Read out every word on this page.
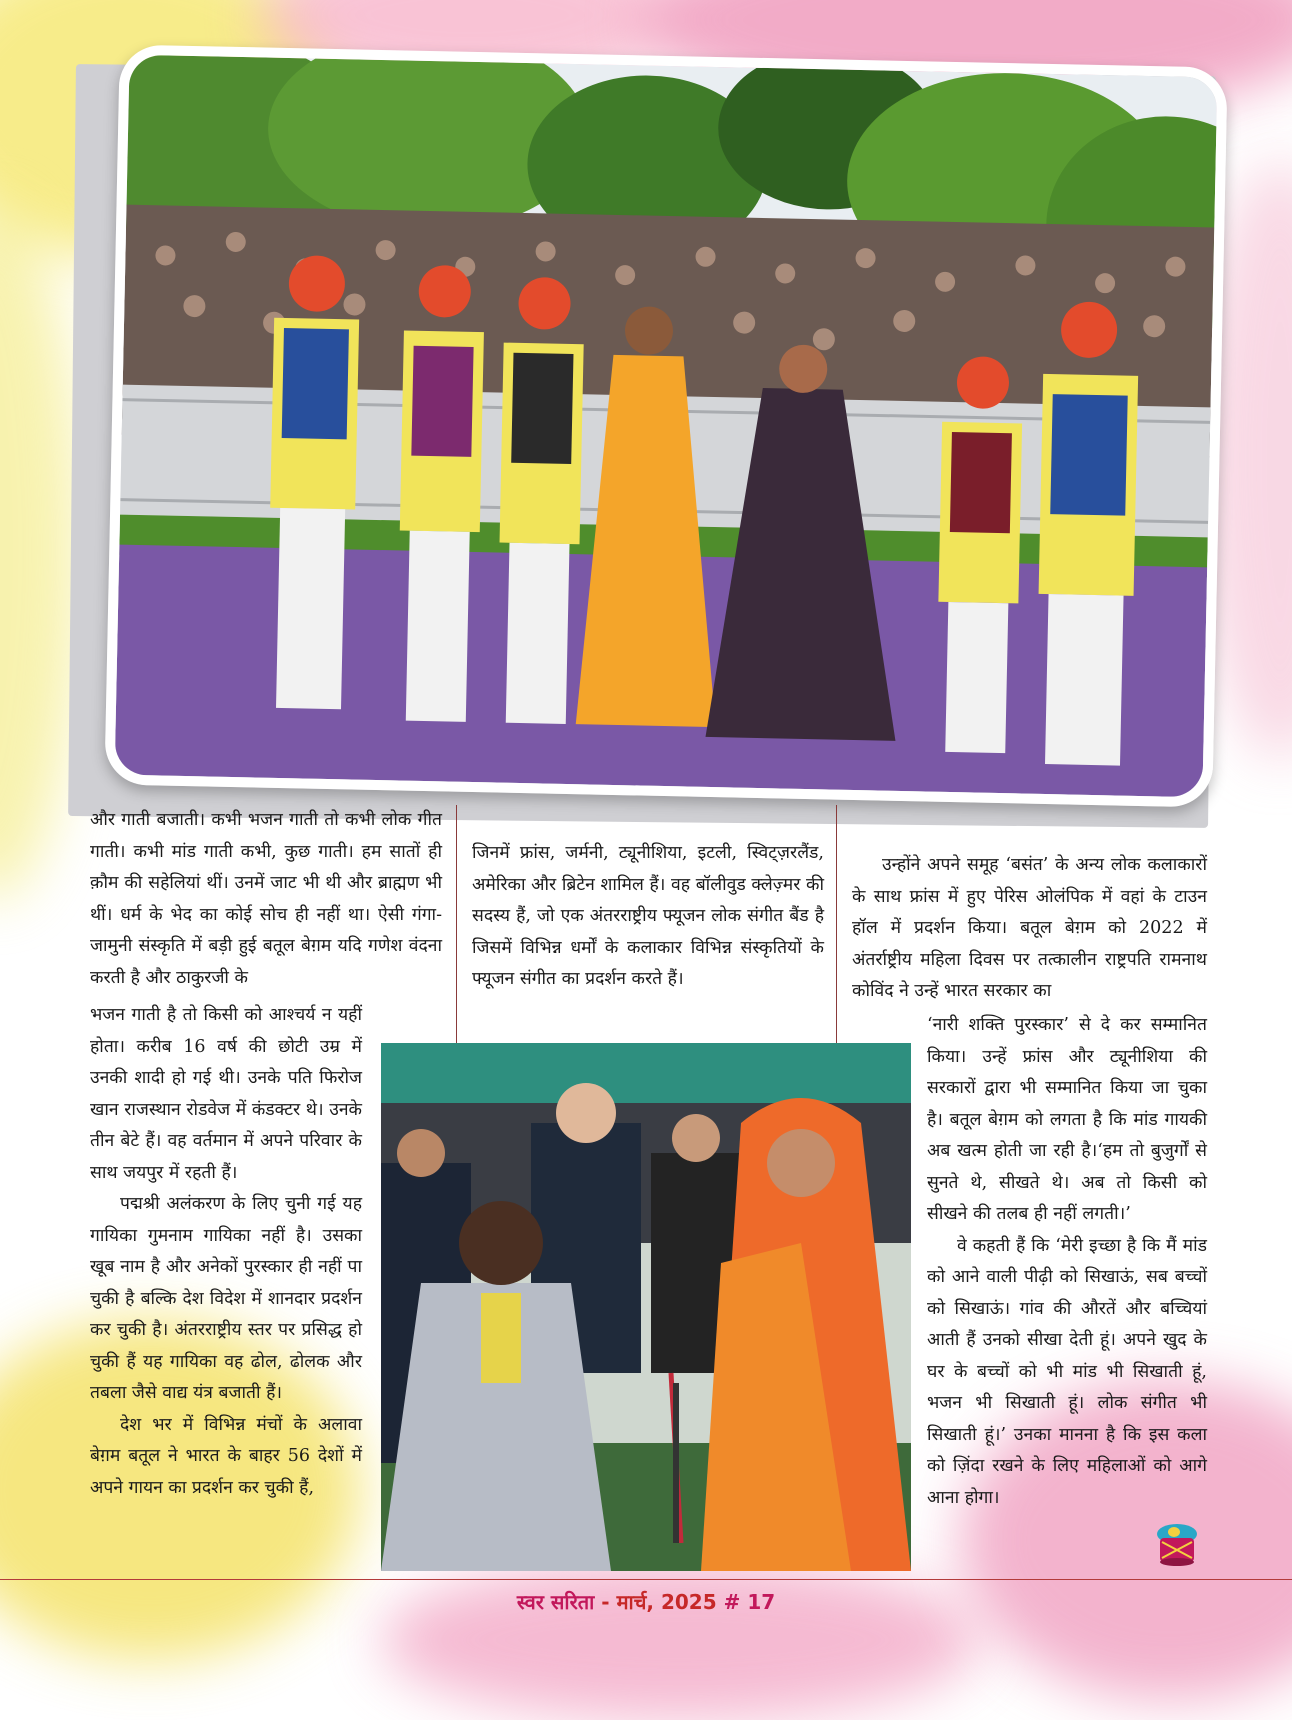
और गाती बजाती। कभी भजन गाती तो कभी लोक गीत गाती। कभी मांड गाती कभी, कुछ गाती। हम सातों ही क़ौम की सहेलियां थीं। उनमें जाट भी थी और ब्राह्मण भी थीं। धर्म के भेद का कोई सोच ही नहीं था। ऐसी गंगा-जामुनी संस्कृति में बड़ी हुई बतूल बेग़म यदि गणेश वंदना करती है और ठाकुरजी के

भजन गाती है तो किसी को आश्चर्य न यहीं होता। करीब 16 वर्ष की छोटी उम्र में उनकी शादी हो गई थी। उनके पति फिरोज खान राजस्थान रोडवेज में कंडक्टर थे। उनके तीन बेटे हैं। वह वर्तमान में अपने परिवार के साथ जयपुर में रहती हैं।

पद्मश्री अलंकरण के लिए चुनी गई यह गायिका गुमनाम गायिका नहीं है। उसका खूब नाम है और अनेकों पुरस्कार ही नहीं पा चुकी है बल्कि देश विदेश में शानदार प्रदर्शन कर चुकी है। अंतरराष्ट्रीय स्तर पर प्रसिद्ध हो चुकी हैं यह गायिका वह ढोल, ढोलक और तबला जैसे वाद्य यंत्र बजाती हैं।

देश भर में विभिन्न मंचों के अलावा बेग़म बतूल ने भारत के बाहर 56 देशों में अपने गायन का प्रदर्शन कर चुकी हैं,

जिनमें फ्रांस, जर्मनी, ट्यूनीशिया, इटली, स्विट्ज़रलैंड, अमेरिका और ब्रिटेन शामिल हैं। वह बॉलीवुड क्लेज़्मर की सदस्य हैं, जो एक अंतरराष्ट्रीय फ्यूजन लोक संगीत बैंड है जिसमें विभिन्न धर्मों के कलाकार विभिन्न संस्कृतियों के फ्यूजन संगीत का प्रदर्शन करते हैं।

उन्होंने अपने समूह ‘बसंत’ के अन्य लोक कलाकारों के साथ फ्रांस में हुए पेरिस ओलंपिक में वहां के टाउन हॉल में प्रदर्शन किया। बतूल बेग़म को 2022 में अंतर्राष्ट्रीय महिला दिवस पर तत्कालीन राष्ट्रपति रामनाथ कोविंद ने उन्हें भारत सरकार का

‘नारी शक्ति पुरस्कार’ से दे कर सम्मानित किया। उन्हें फ्रांस और ट्यूनीशिया की सरकारों द्वारा भी सम्मानित किया जा चुका है। बतूल बेग़म को लगता है कि मांड गायकी अब खत्म होती जा रही है।‘हम तो बुजुर्गों से सुनते थे, सीखते थे। अब तो किसी को सीखने की तलब ही नहीं लगती।’

वे कहती हैं कि ‘मेरी इच्छा है कि मैं मांड को आने वाली पीढ़ी को सिखाऊं, सब बच्चों को सिखाऊं। गांव की औरतें और बच्चियां आती हैं उनको सीखा देती हूं। अपने खुद के घर के बच्चों को भी मांड भी सिखाती हूं, भजन भी सिखाती हूं। लोक संगीत भी सिखाती हूं।’ उनका मानना है कि इस कला को ज़िंदा रखने के लिए महिलाओं को आगे आना होगा।

स्वर सरिता - मार्च, 2025 # 17
